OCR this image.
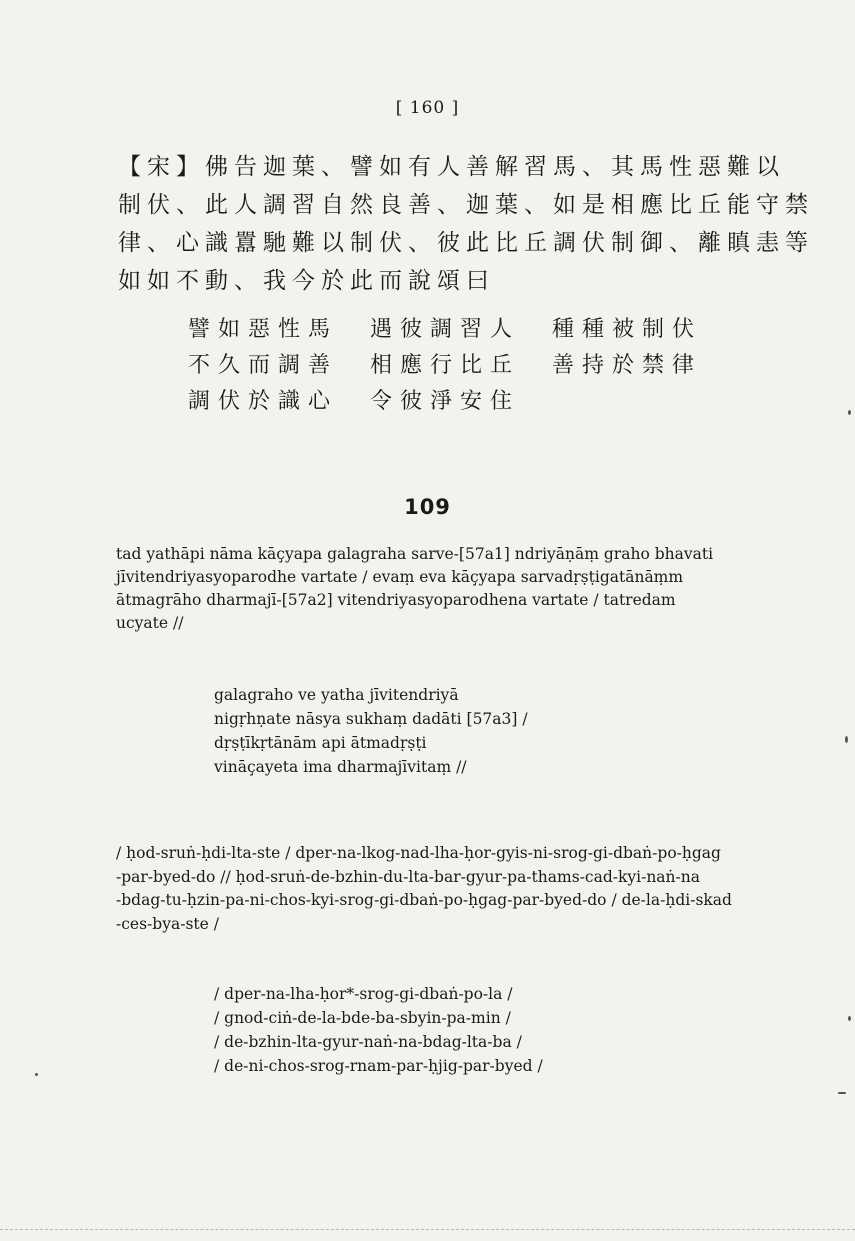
[ 160 ]
【宋】佛告迦葉、譬如有人善解習馬、其馬性惡難以
制伏、此人調習自然良善、迦葉、如是相應比丘能守禁
律、心識囂馳難以制伏、彼此比丘調伏制御、離瞋恚等
如如不動、我今於此而說頌曰
譬如惡性馬	遇彼調習人	種種被制伏
不久而調善	相應行比丘	善持於禁律
調伏於識心	令彼淨安住
109
tad yathāpi nāma kāçyapa galagraha sarve-[57a1] ndriyāṇāṃ graho bhavati
jīvitendriyasyoparodhe vartate / evaṃ eva kāçyapa sarvadṛṣṭigatānāṃm
ātmagrāho dharmajī-[57a2] vitendriyasyoparodhena vartate / tatredam
ucyate //
galagraho ve yatha jīvitendriyā
nigṛhṇate nāsya sukhaṃ dadāti [57a3] /
dṛṣṭīkṛtānām api ātmadṛṣṭi
vināçayeta ima dharmajīvitaṃ //
/ ḥod-sruṅ-ḥdi-lta-ste / dper-na-lkog-nad-lha-ḥor-gyis-ni-srog-gi-dbaṅ-po-ḥgag
-par-byed-do // ḥod-sruṅ-de-bzhin-du-lta-bar-gyur-pa-thams-cad-kyi-naṅ-na
-bdag-tu-ḥzin-pa-ni-chos-kyi-srog-gi-dbaṅ-po-ḥgag-par-byed-do / de-la-ḥdi-skad
-ces-bya-ste /
/ dper-na-lha-ḥor*-srog-gi-dbaṅ-po-la /
/ gnod-ciṅ-de-la-bde-ba-sbyin-pa-min /
/ de-bzhin-lta-gyur-naṅ-na-bdag-lta-ba /
/ de-ni-chos-srog-rnam-par-ḥjig-par-byed /
